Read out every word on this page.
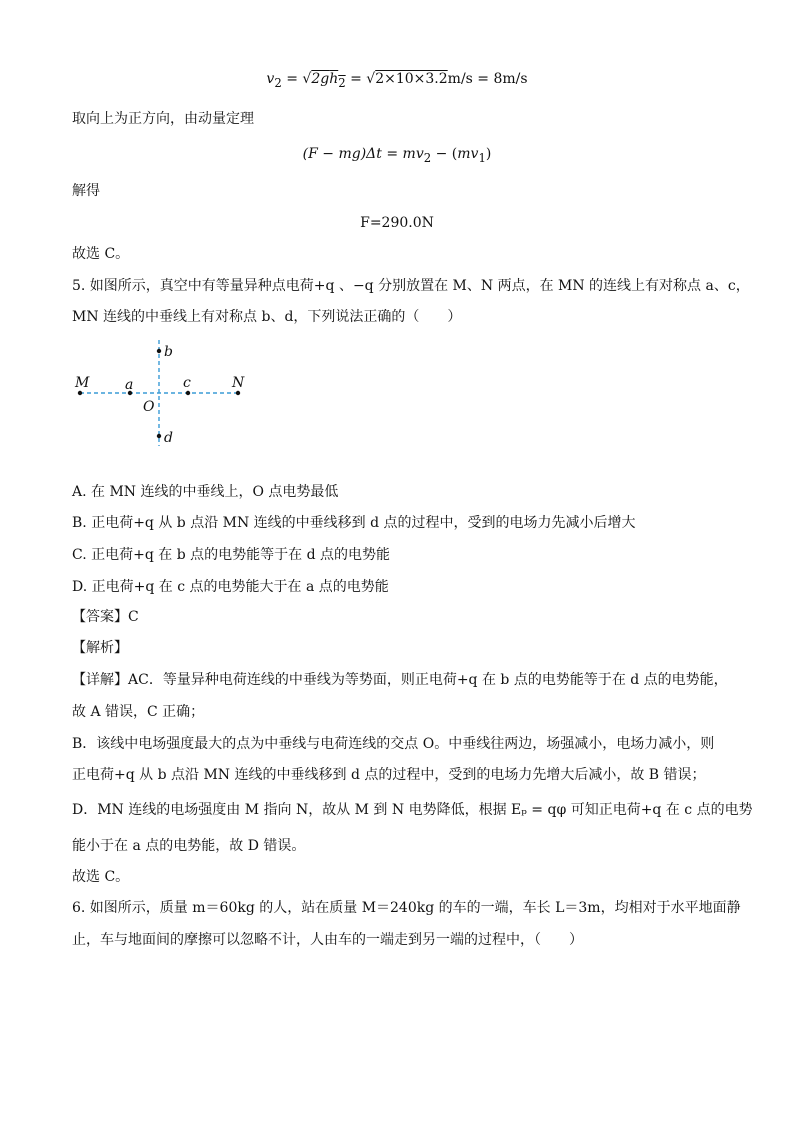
$v_2 = √2gh_2 = √2\times 10\times 3.2m/s = 8m/s$
取向上为正方向，由动量定理
$(F - mg)\Delta t = mv_2 - (mv_1)$
解得
F=290.0N
故选 C。
5. 如图所示，真空中有等量异种点电荷+q 、−q 分别放置在 M、N 两点，在 MN 的连线上有对称点 a、c，
MN 连线的中垂线上有对称点 b、d，下列说法正确的（　　）
M	a
O
c	N
b
d
A. 在 MN 连线的中垂线上，O 点电势最低
B. 正电荷+q 从 b 点沿 MN 连线的中垂线移到 d 点的过程中，受到的电场力先减小后增大
C. 正电荷+q 在 b 点的电势能等于在 d 点的电势能
D. 正电荷+q 在 c 点的电势能大于在 a 点的电势能
【答案】C
【解析】
【详解】AC．等量异种电荷连线的中垂线为等势面，则正电荷+q 在 b 点的电势能等于在 d 点的电势能，
故 A 错误，C 正确；
B．该线中电场强度最大的点为中垂线与电荷连线的交点 O。中垂线往两边，场强减小，电场力减小，则
正电荷+q 从 b 点沿 MN 连线的中垂线移到 d 点的过程中，受到的电场力先增大后减小，故 B 错误；
D．MN 连线的电场强度由 M 指向 N，故从 M 到 N 电势降低，根据 Eₚ = qφ 可知正电荷+q 在 c 点的电势
能小于在 a 点的电势能，故 D 错误。
故选 C。
6. 如图所示，质量 m＝60kg 的人，站在质量 M＝240kg 的车的一端，车长 L＝3m，均相对于水平地面静
止，车与地面间的摩擦可以忽略不计，人由车的一端走到另一端的过程中，（　　）
